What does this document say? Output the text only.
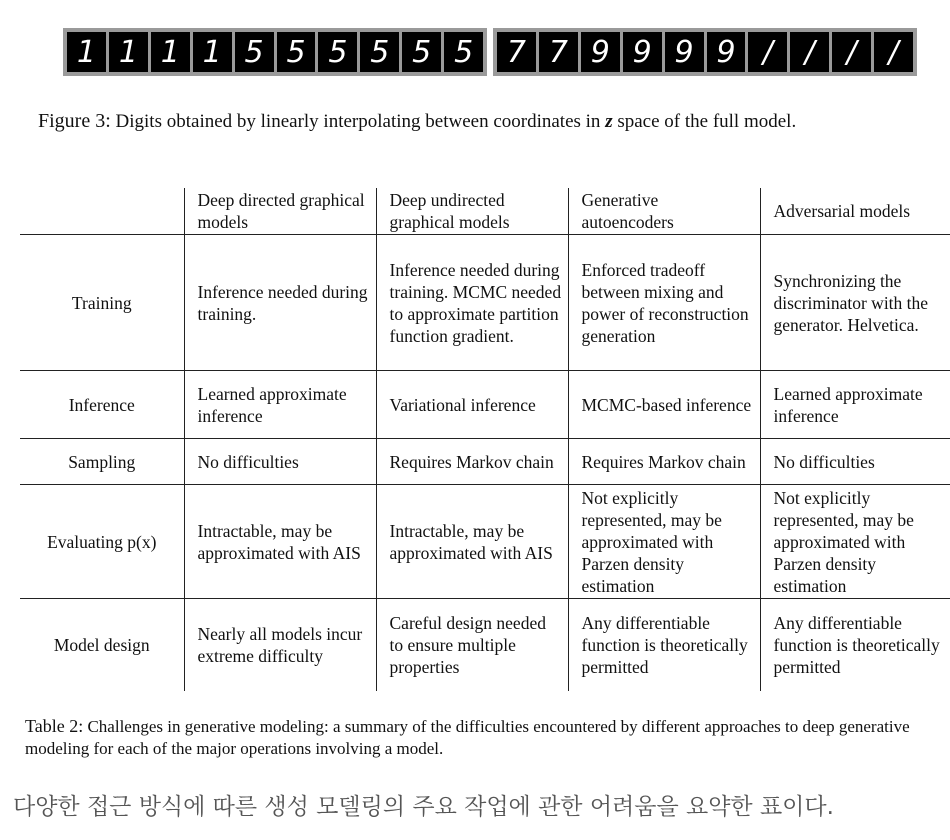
1 1 1 1 5 5 5 5 5 5	7 7 9 9 9 9 /	/	/	/
Figure 3: Digits obtained by linearly interpolating between coordinates in z space of the full model.
	Deep directed graphical models	Deep undirected graphical models	Generative autoencoders	Adversarial models
Training	Inference needed during training.	Inference needed during training. MCMC needed to approximate partition function gradient.	Enforced tradeoff between mixing and power of reconstruction generation	Synchronizing the discriminator with the generator. Helvetica.
Inference	Learned approximate inference	Variational inference	MCMC-based inference	Learned approximate inference
Sampling	No difficulties	Requires Markov chain	Requires Markov chain	No difficulties
Evaluating p(x)	Intractable, may be approximated with AIS	Intractable, may be approximated with AIS	Not explicitly represented, may be approximated with Parzen density estimation	Not explicitly represented, may be approximated with Parzen density estimation
Model design	Nearly all models incur extreme difficulty	Careful design needed to ensure multiple properties	Any differentiable function is theoretically permitted	Any differentiable function is theoretically permitted
Table 2: Challenges in generative modeling: a summary of the difficulties encountered by different approaches to deep generative modeling for each of the major operations involving a model.
다양한 접근 방식에 따른 생성 모델링의 주요 작업에 관한 어려움을 요약한 표이다.
